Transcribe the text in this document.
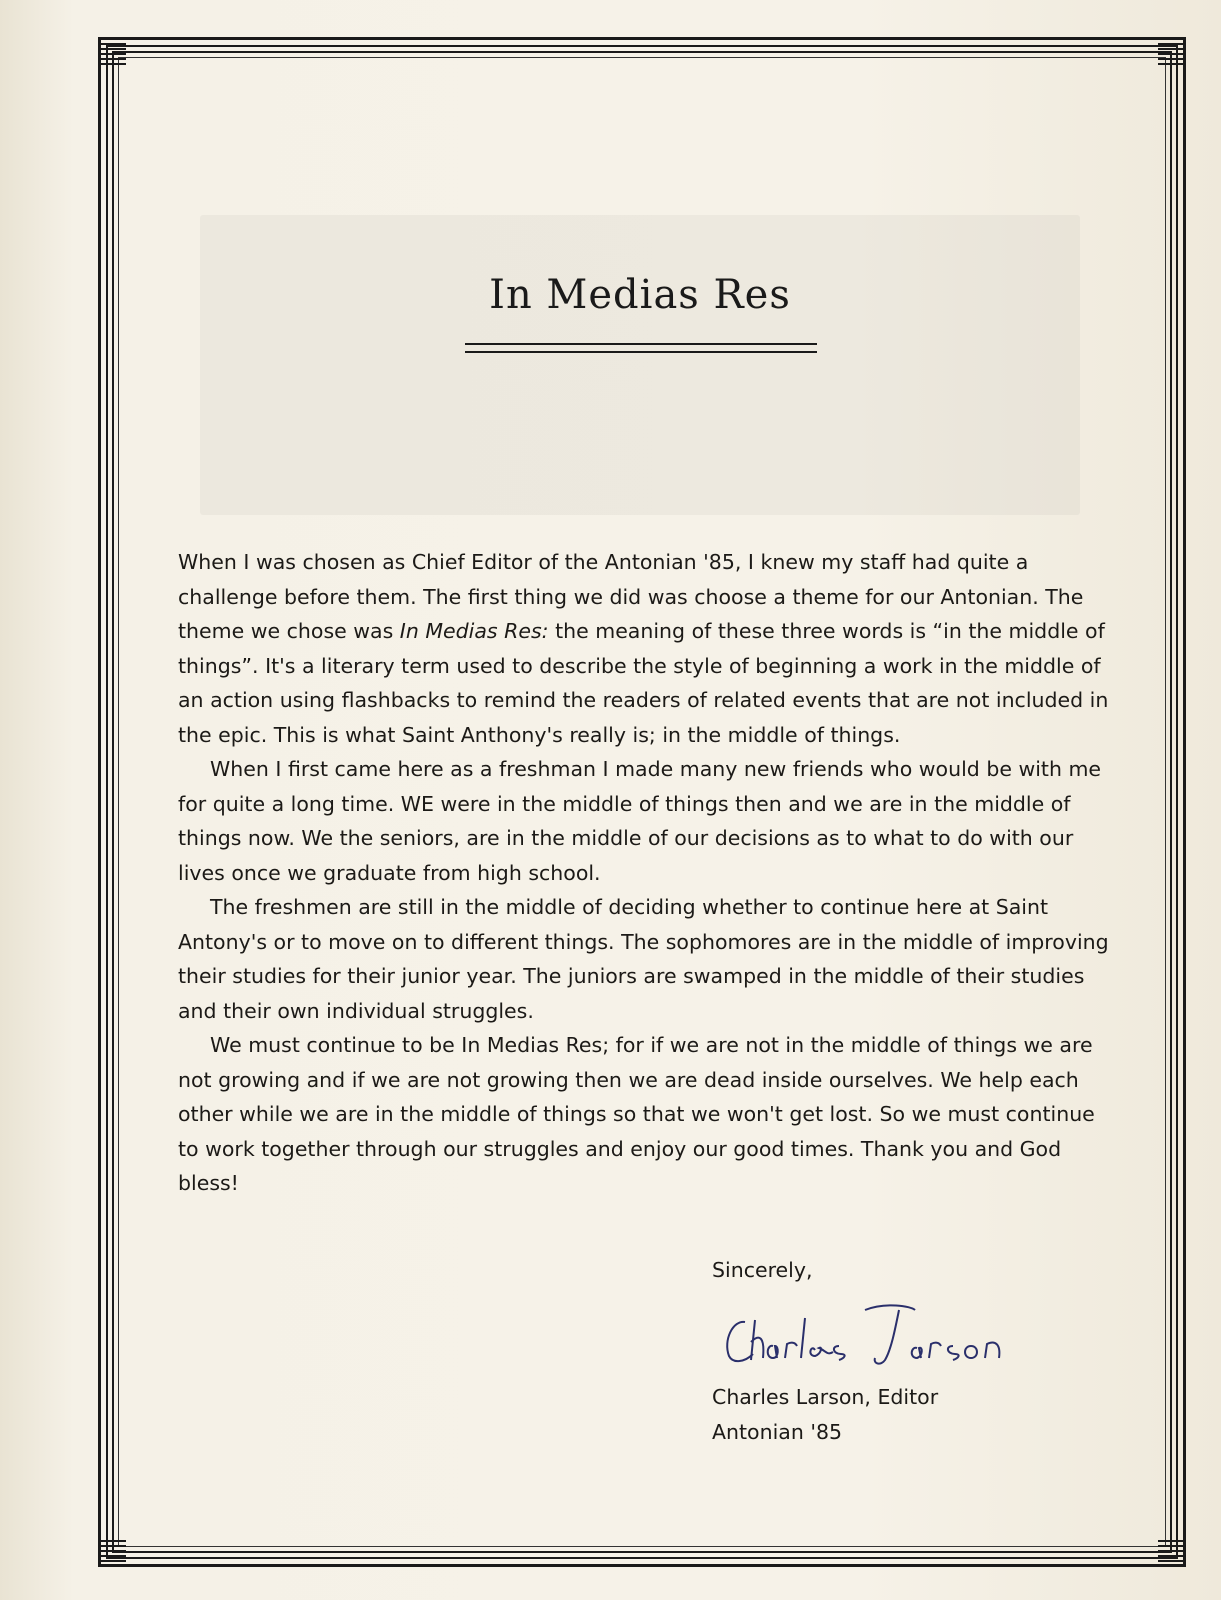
In Medias Res

When I was chosen as Chief Editor of the Antonian '85, I knew my staff had quite a challenge before them. The first thing we did was choose a theme for our Antonian. The theme we chose was In Medias Res: the meaning of these three words is “in the middle of things”. It's a literary term used to describe the style of beginning a work in the middle of an action using flashbacks to remind the readers of related events that are not included in the epic. This is what Saint Anthony's really is; in the middle of things.

When I first came here as a freshman I made many new friends who would be with me for quite a long time. WE were in the middle of things then and we are in the middle of things now. We the seniors, are in the middle of our decisions as to what to do with our lives once we graduate from high school.

The freshmen are still in the middle of deciding whether to continue here at Saint Antony's or to move on to different things. The sophomores are in the middle of improving their studies for their junior year. The juniors are swamped in the middle of their studies and their own individual struggles.

We must continue to be In Medias Res; for if we are not in the middle of things we are not growing and if we are not growing then we are dead inside ourselves. We help each other while we are in the middle of things so that we won't get lost. So we must continue to work together through our struggles and enjoy our good times. Thank you and God bless!

Sincerely,
Charles Larson, Editor
Antonian '85
